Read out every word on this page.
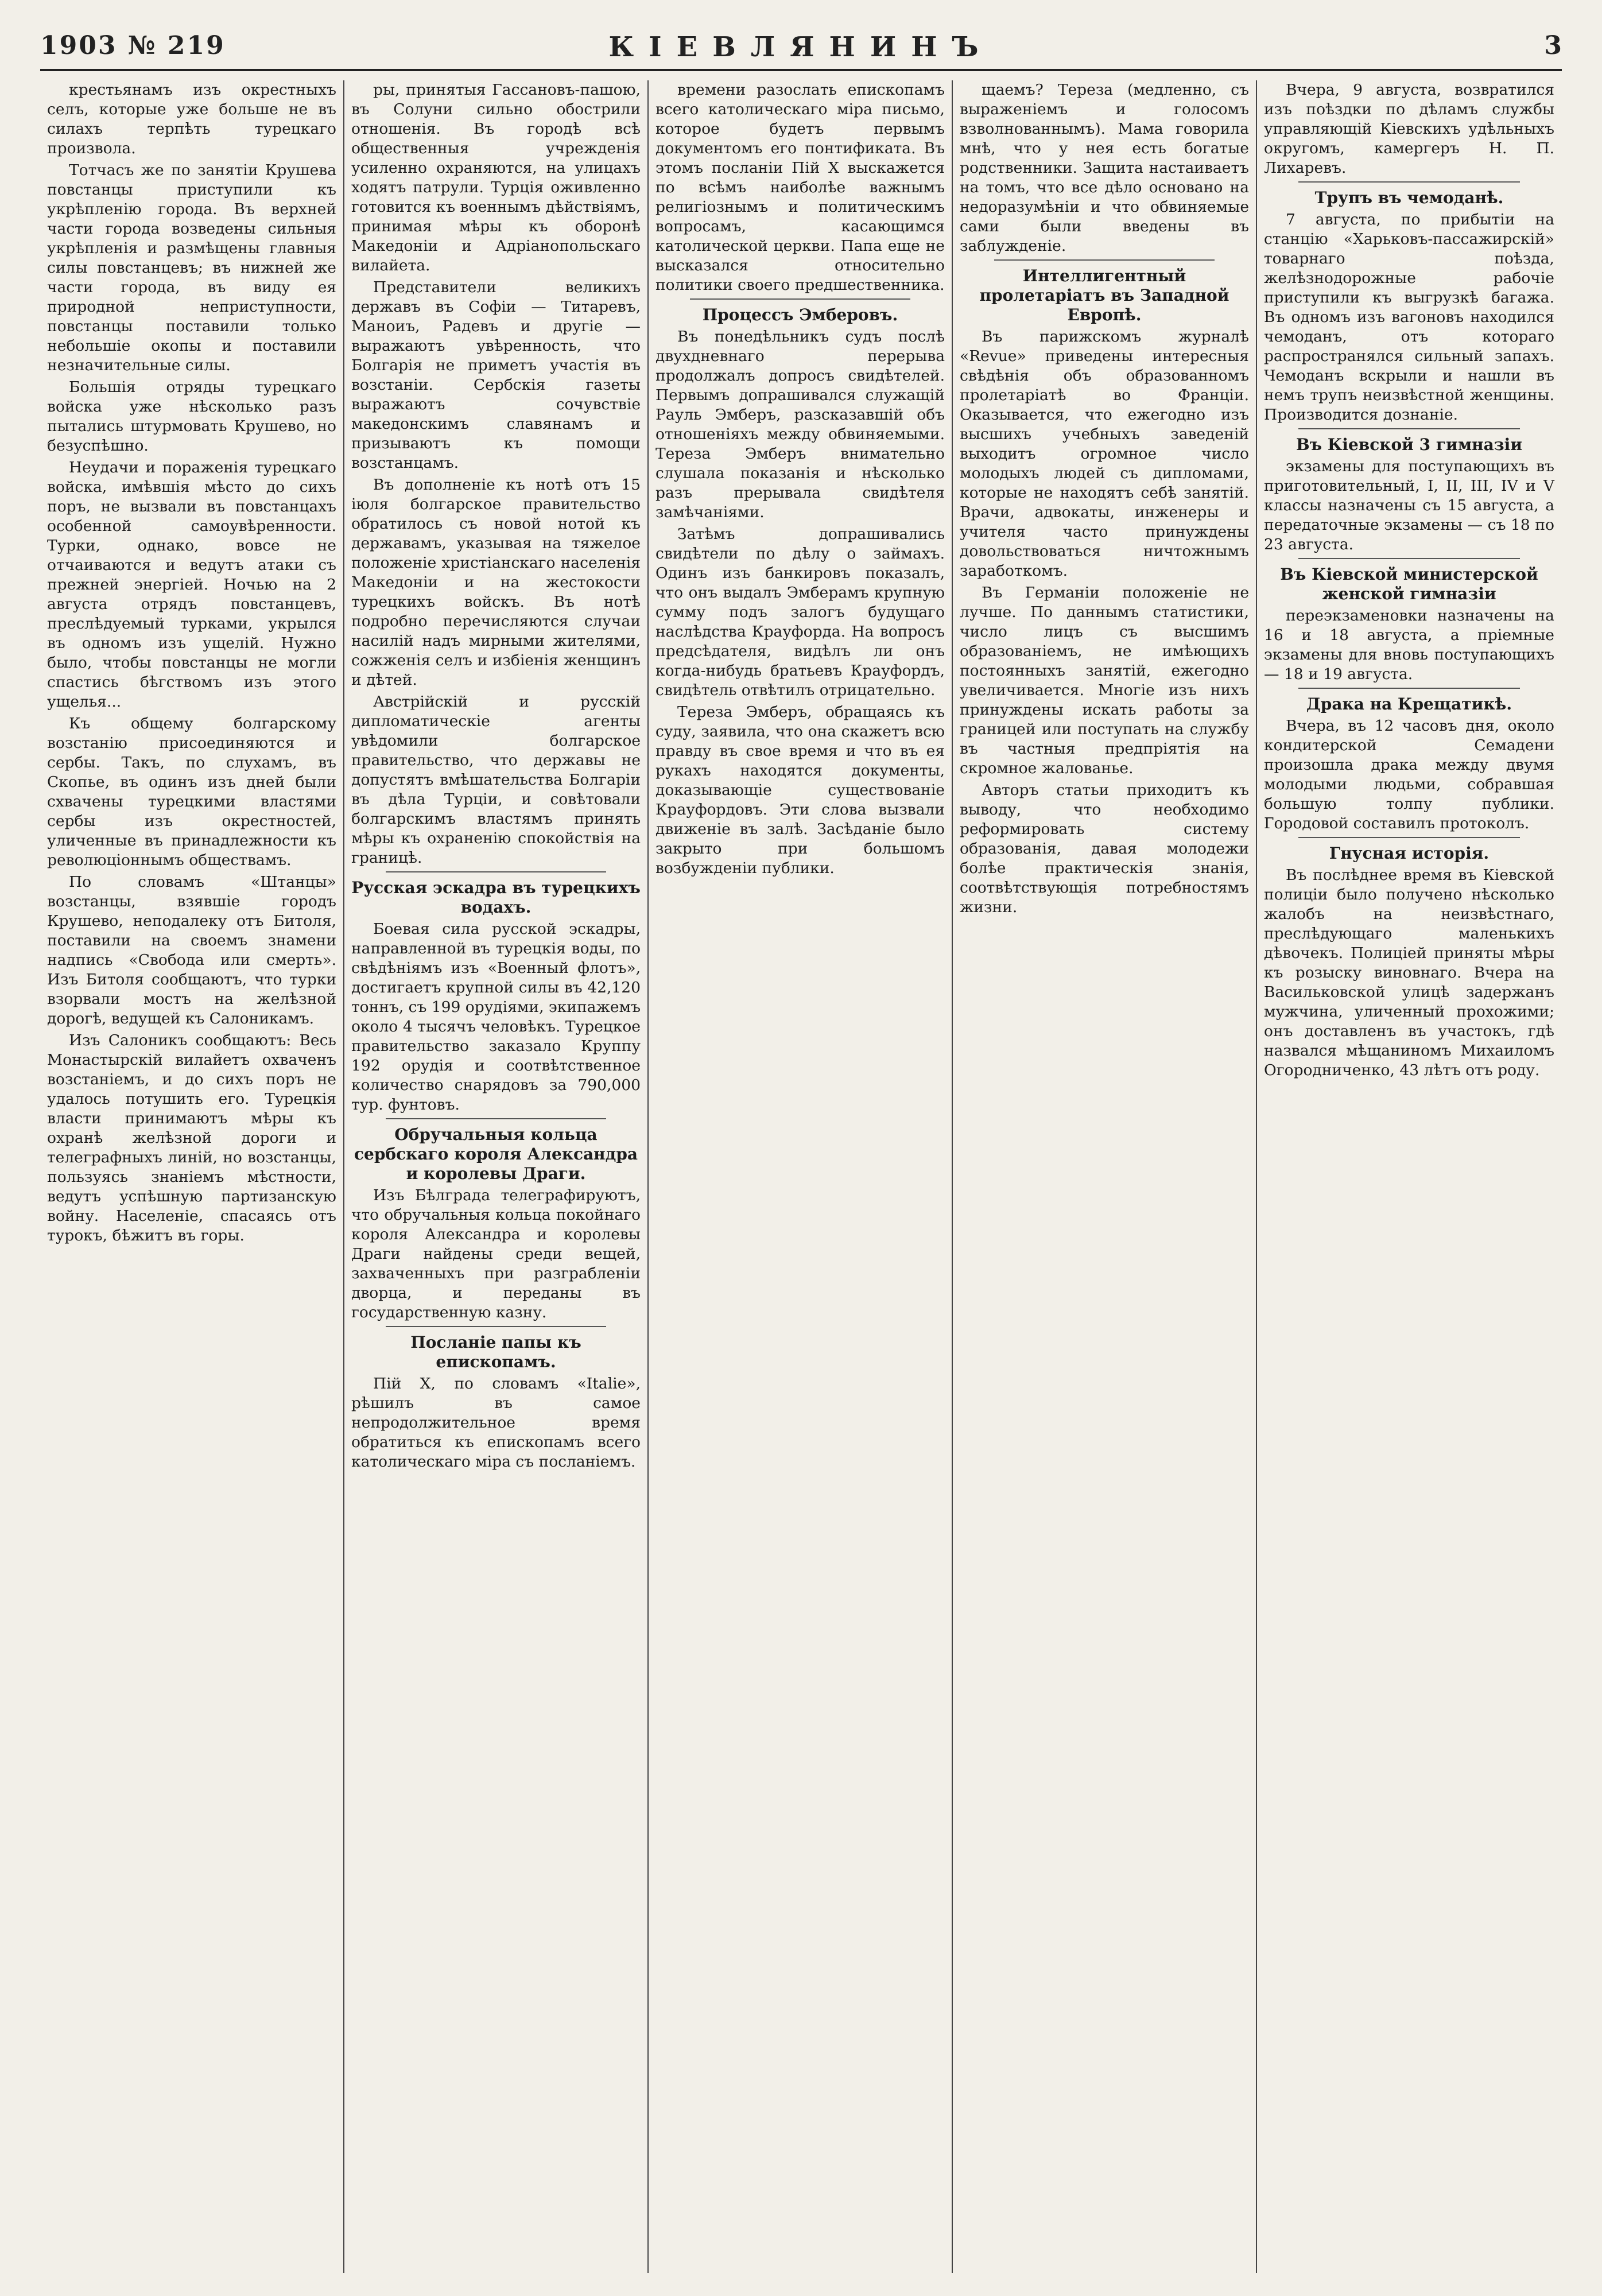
1903 № 219	КІЕВЛЯНИНЪ	3

крестьянамъ изъ окрестныхъ селъ, которые уже больше не въ силахъ терпѣть турецкаго произвола.

Тотчасъ же по занятіи Крушева повстанцы приступили къ укрѣпленію города. Въ верхней части города возведены сильныя укрѣпленія и размѣщены главныя силы повстанцевъ; въ нижней же части города, въ виду ея природной неприступности, повстанцы поставили только небольшіе окопы и поставили незначительные силы.

Большія отряды турецкаго войска уже нѣсколько разъ пытались штурмовать Крушево, но безуспѣшно.

Неудачи и пораженія турецкаго войска, имѣвшія мѣсто до сихъ поръ, не вызвали въ повстанцахъ особенной самоувѣренности. Турки, однако, вовсе не отчаиваются и ведутъ атаки съ прежней энергіей. Ночью на 2 августа отрядъ повстанцевъ, преслѣдуемый турками, укрылся въ одномъ изъ ущелій. Нужно было, чтобы повстанцы не могли спастись бѣгствомъ изъ этого ущелья...

Къ общему болгарскому возстанію присоединяются и сербы. Такъ, по слухамъ, въ Скопье, въ одинъ изъ дней были схвачены турецкими властями сербы изъ окрестностей, уличенные въ принадлежности къ революціоннымъ обществамъ.

По словамъ «Штанцы» возстанцы, взявшіе городъ Крушево, неподалеку отъ Битоля, поставили на своемъ знамени надпись «Свобода или смерть». Изъ Битоля сообщаютъ, что турки взорвали мостъ на желѣзной дорогѣ, ведущей къ Салоникамъ.

Изъ Салоникъ сообщаютъ: Весь Монастырскій вилайетъ охваченъ возстаніемъ, и до сихъ поръ не удалось потушить его. Турецкія власти принимаютъ мѣры къ охранѣ желѣзной дороги и телеграфныхъ линій, но возстанцы, пользуясь знаніемъ мѣстности, ведутъ успѣшную партизанскую войну. Населеніе, спасаясь отъ турокъ, бѣжитъ въ горы.

ры, принятыя Гассановъ-пашою, въ Солуни сильно обострили отношенія. Въ городѣ всѣ общественныя учрежденія усиленно охраняются, на улицахъ ходятъ патрули. Турція оживленно готовится къ военнымъ дѣйствіямъ, принимая мѣры къ оборонѣ Македоніи и Адріанопольскаго вилайета.

Представители великихъ державъ въ Софіи — Титаревъ, Маноиъ, Радевъ и другіе — выражаютъ увѣренность, что Болгарія не приметъ участія въ возстаніи. Сербскія газеты выражаютъ сочувствіе македонскимъ славянамъ и призываютъ къ помощи возстанцамъ.

Въ дополненіе къ нотѣ отъ 15 іюля болгарское правительство обратилось съ новой нотой къ державамъ, указывая на тяжелое положеніе христіанскаго населенія Македоніи и на жестокости турецкихъ войскъ. Въ нотѣ подробно перечисляются случаи насилій надъ мирными жителями, сожженія селъ и избіенія женщинъ и дѣтей.

Австрійскій и русскій дипломатическіе агенты увѣдомили болгарское правительство, что державы не допустятъ вмѣшательства Болгаріи въ дѣла Турціи, и совѣтовали болгарскимъ властямъ принять мѣры къ охраненію спокойствія на границѣ.

Русская эскадра въ турецкихъ водахъ.

Боевая сила русской эскадры, направленной въ турецкія воды, по свѣдѣніямъ изъ «Военный флотъ», достигаетъ крупной силы въ 42,120 тоннъ, съ 199 орудіями, экипажемъ около 4 тысячъ человѣкъ. Турецкое правительство заказало Круппу 192 орудія и соотвѣтственное количество снарядовъ за 790,000 тур. фунтовъ.

Обручальныя кольца сербскаго короля Александра и королевы Драги.

Изъ Бѣлграда телеграфируютъ, что обручальныя кольца покойнаго короля Александра и королевы Драги найдены среди вещей, захваченныхъ при разграбленіи дворца, и переданы въ государственную казну.

Посланіе папы къ епископамъ.

Пій X, по словамъ «Italie», рѣшилъ въ самое непродолжительное время обратиться къ епископамъ всего католическаго міра съ посланіемъ.

времени разослать епископамъ всего католическаго міра письмо, которое будетъ первымъ документомъ его понтификата. Въ этомъ посланіи Пій X выскажется по всѣмъ наиболѣе важнымъ религіознымъ и политическимъ вопросамъ, касающимся католической церкви. Папа еще не высказался относительно политики своего предшественника.

Процессъ Эмберовъ.

Въ понедѣльникъ судъ послѣ двухдневнаго перерыва продолжалъ допросъ свидѣтелей. Первымъ допрашивался служащій Рауль Эмберъ, разсказавшій объ отношеніяхъ между обвиняемыми. Тереза Эмберъ внимательно слушала показанія и нѣсколько разъ прерывала свидѣтеля замѣчаніями.

Затѣмъ допрашивались свидѣтели по дѣлу о займахъ. Одинъ изъ банкировъ показалъ, что онъ выдалъ Эмберамъ крупную сумму подъ залогъ будущаго наслѣдства Крауфорда. На вопросъ предсѣдателя, видѣлъ ли онъ когда-нибудь братьевъ Крауфордъ, свидѣтель отвѣтилъ отрицательно.

Тереза Эмберъ, обращаясь къ суду, заявила, что она скажетъ всю правду въ свое время и что въ ея рукахъ находятся документы, доказывающіе существованіе Крауфордовъ. Эти слова вызвали движеніе въ залѣ. Засѣданіе было закрыто при большомъ возбужденіи публики.

щаемъ? Тереза (медленно, съ выраженіемъ и голосомъ взволнованнымъ). Мама говорила мнѣ, что у нея есть богатые родственники. Защита настаиваетъ на томъ, что все дѣло основано на недоразумѣніи и что обвиняемые сами были введены въ заблужденіе.

Интеллигентный пролетаріатъ въ Западной Европѣ.

Въ парижскомъ журналѣ «Revue» приведены интересныя свѣдѣнія объ образованномъ пролетаріатѣ во Франціи. Оказывается, что ежегодно изъ высшихъ учебныхъ заведеній выходитъ огромное число молодыхъ людей съ дипломами, которые не находятъ себѣ занятій. Врачи, адвокаты, инженеры и учителя часто принуждены довольствоваться ничтожнымъ заработкомъ.

Въ Германіи положеніе не лучше. По даннымъ статистики, число лицъ съ высшимъ образованіемъ, не имѣющихъ постоянныхъ занятій, ежегодно увеличивается. Многіе изъ нихъ принуждены искать работы за границей или поступать на службу въ частныя предпріятія на скромное жалованье.

Авторъ статьи приходитъ къ выводу, что необходимо реформировать систему образованія, давая молодежи болѣе практическія знанія, соотвѣтствующія потребностямъ жизни.

Вчера, 9 августа, возвратился изъ поѣздки по дѣламъ службы управляющій Кіевскихъ удѣльныхъ округомъ, камергеръ Н. П. Лихаревъ.

Трупъ въ чемоданѣ.

7 августа, по прибытіи на станцію «Харьковъ-пассажирскій» товарнаго поѣзда, желѣзнодорожные рабочіе приступили къ выгрузкѣ багажа. Въ одномъ изъ вагоновъ находился чемоданъ, отъ котораго распространялся сильный запахъ. Чемоданъ вскрыли и нашли въ немъ трупъ неизвѣстной женщины. Производится дознаніе.

Въ Кіевской 3 гимназіи

экзамены для поступающихъ въ приготовительный, I, II, III, IV и V классы назначены съ 15 августа, а передаточные экзамены — съ 18 по 23 августа.

Въ Кіевской министерской женской гимназіи

переэкзаменовки назначены на 16 и 18 августа, а пріемные экзамены для вновь поступающихъ — 18 и 19 августа.

Драка на Крещатикѣ.

Вчера, въ 12 часовъ дня, около кондитерской Семадени произошла драка между двумя молодыми людьми, собравшая большую толпу публики. Городовой составилъ протоколъ.

Гнусная исторія.

Въ послѣднее время въ Кіевской полиціи было получено нѣсколько жалобъ на неизвѣстнаго, преслѣдующаго маленькихъ дѣвочекъ. Полиціей приняты мѣры къ розыску виновнаго. Вчера на Васильковской улицѣ задержанъ мужчина, уличенный прохожими; онъ доставленъ въ участокъ, гдѣ назвался мѣщаниномъ Михаиломъ Огородниченко, 43 лѣтъ отъ роду.
